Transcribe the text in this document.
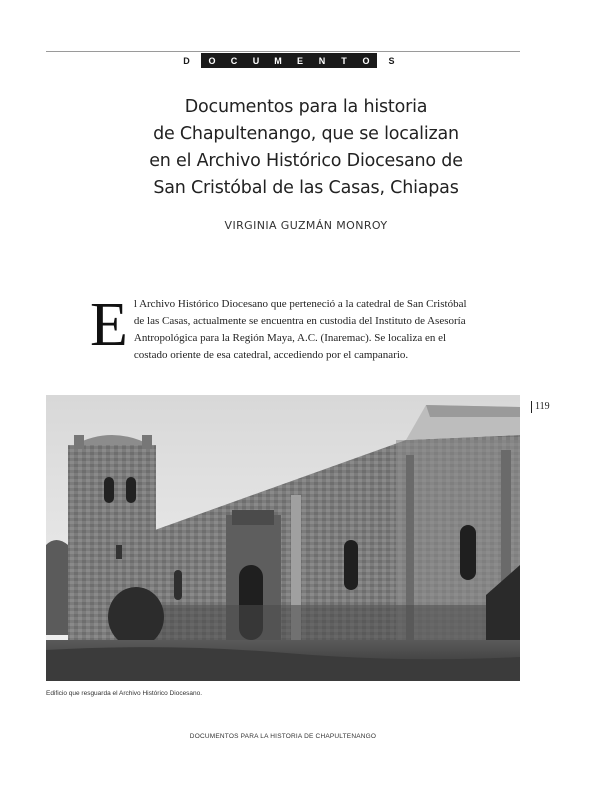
D	O	C	U	M	E	N	T	O	S
Documentos para la historia
de Chapultenango, que se localizan
en el Archivo Histórico Diocesano de
San Cristóbal de las Casas, Chiapas
VIRGINIA GUZMÁN MONROY
El Archivo Histórico Diocesano que perteneció a la catedral de San Cristóbal de las Casas, actualmente se encuentra en custodia del Instituto de Asesoría Antropológica para la Región Maya, A.C. (Inaremac). Se localiza en el costado oriente de esa catedral, accediendo por el campanario.
Edificio que resguarda el Archivo Histórico Diocesano.
119
DOCUMENTOS PARA LA HISTORIA DE CHAPULTENANGO
